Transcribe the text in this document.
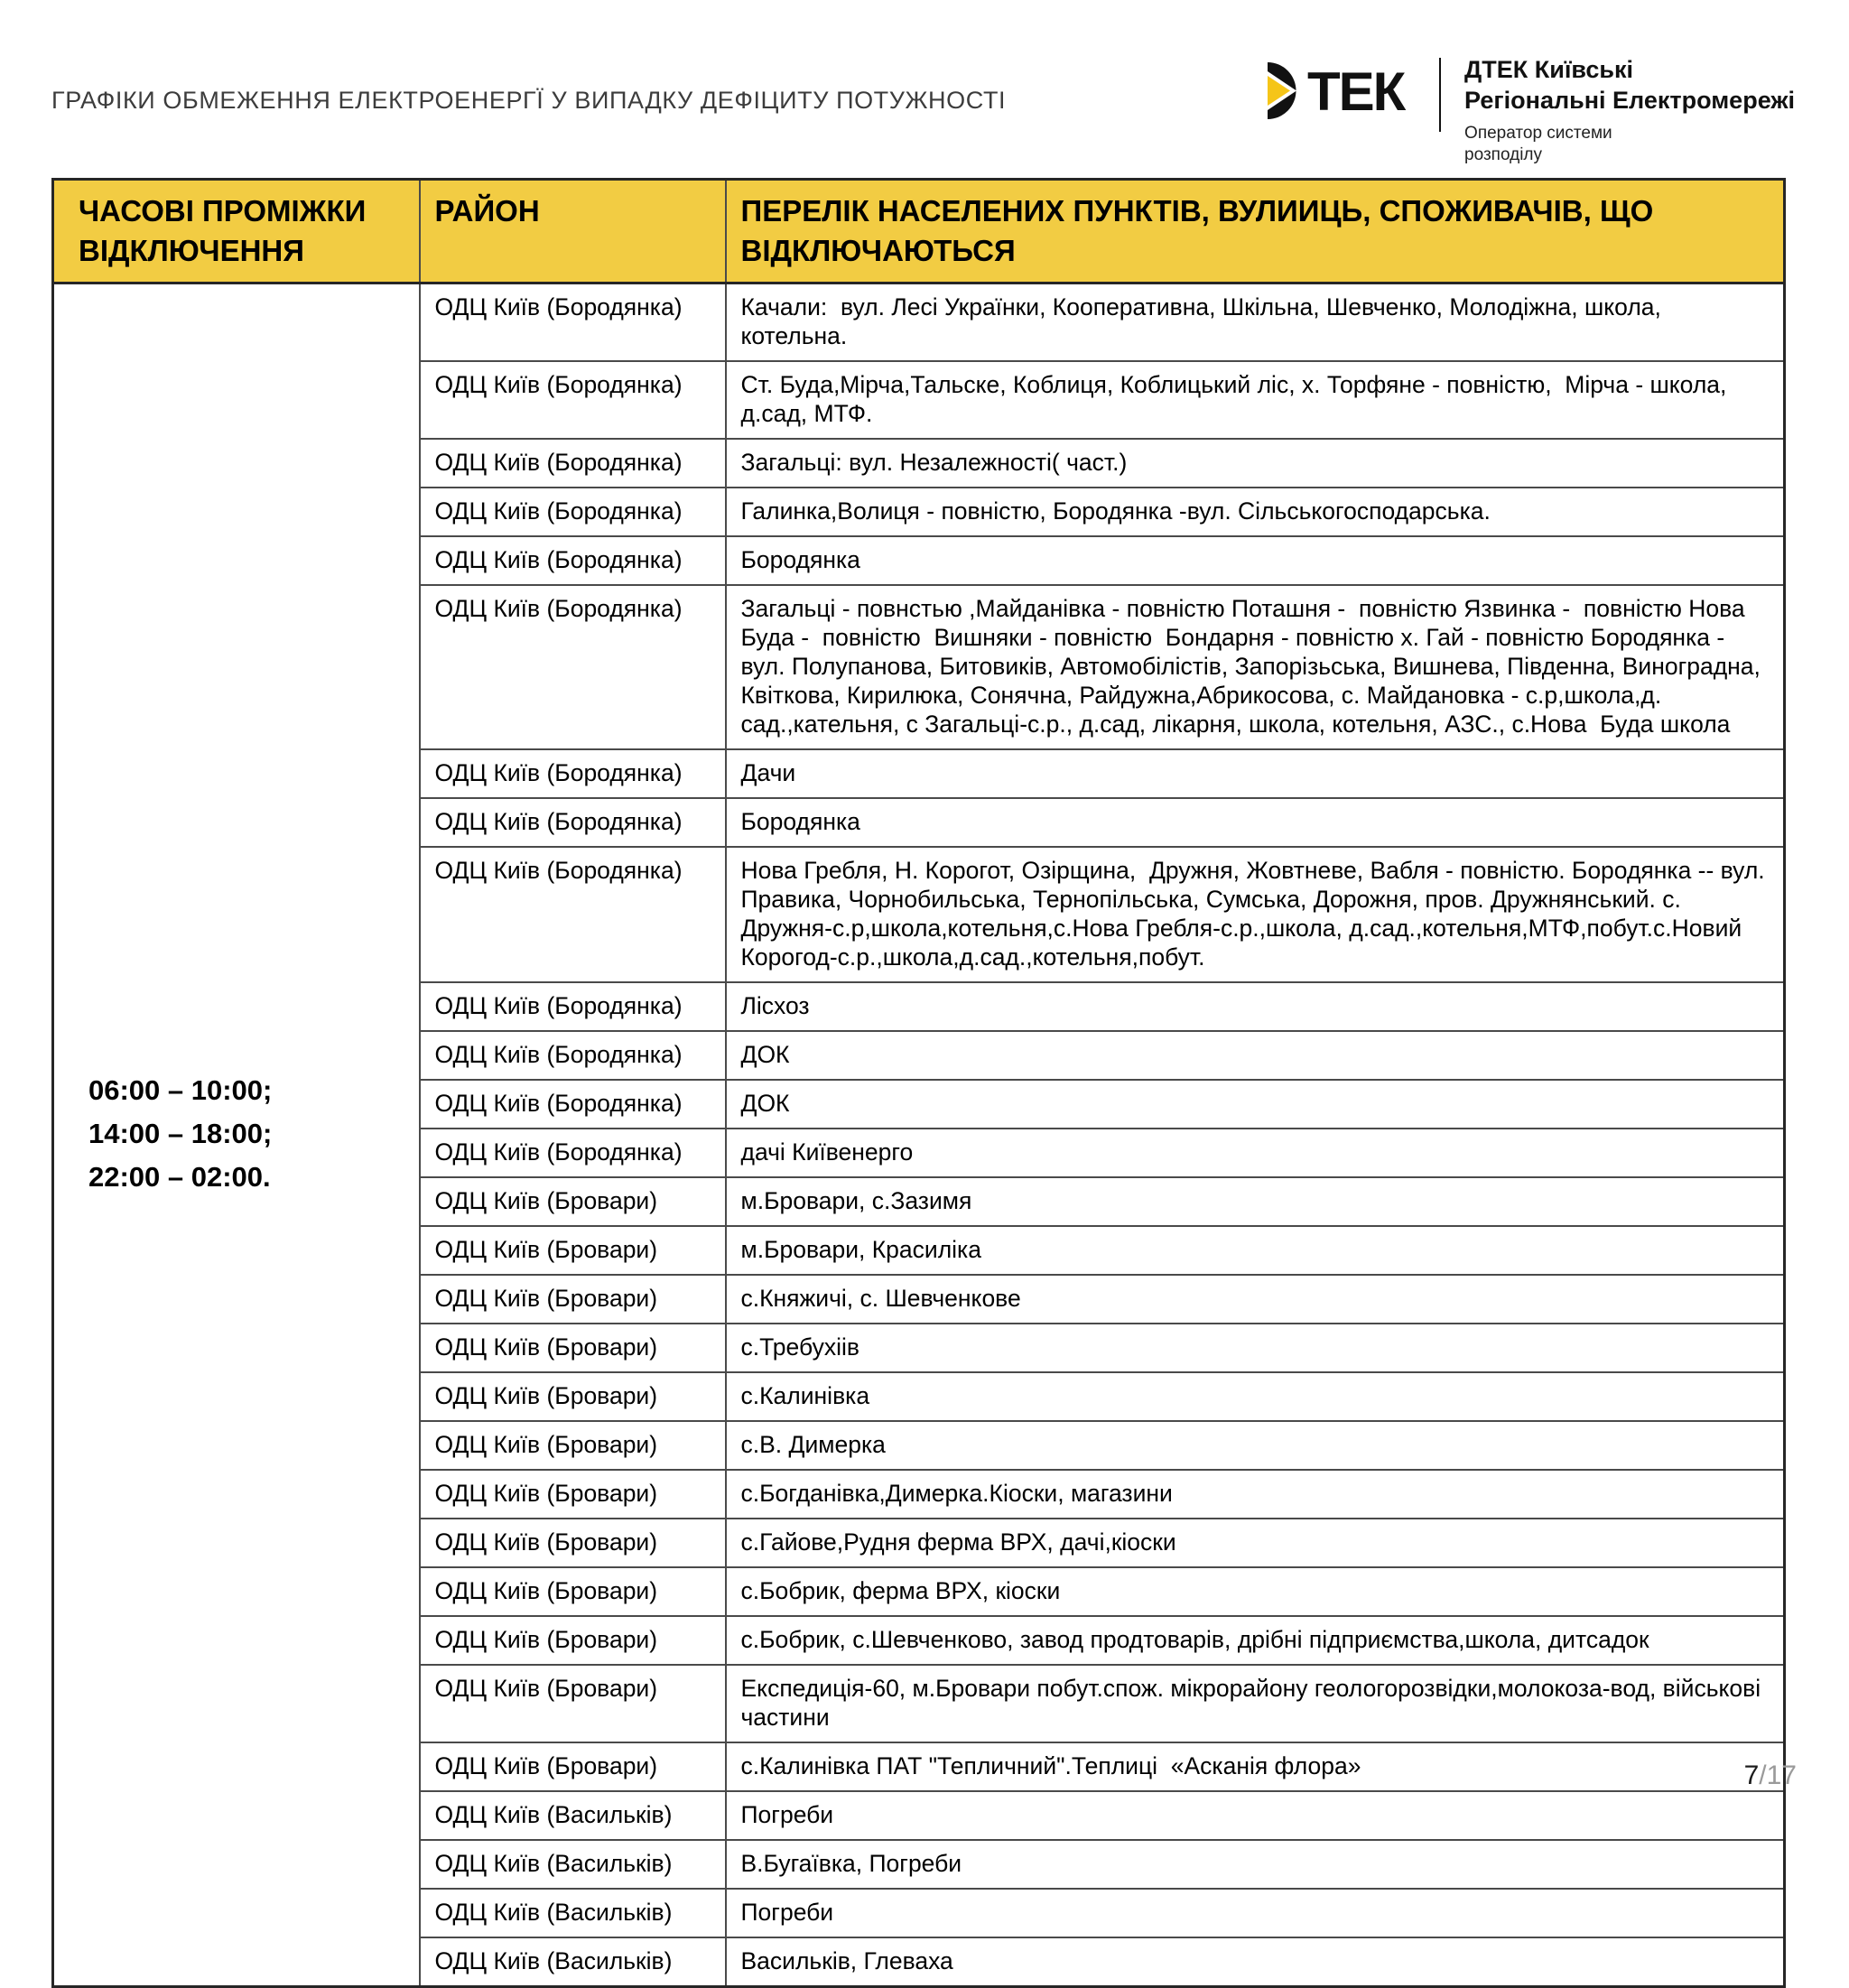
ГРАФІКИ ОБМЕЖЕННЯ ЕЛЕКТРОЕНЕРГЇ У ВИПАДКУ ДЕФІЦИТУ ПОТУЖНОСТІ	ТЕК ДТЕК Київські
Регіональні Електромережі
Оператор системи
розподілу
ЧАСОВІ ПРОМІЖКИ ВІДКЛЮЧЕННЯ	РАЙОН	ПЕРЕЛІК НАСЕЛЕНИХ ПУНКТІВ, ВУЛИИЦЬ, СПОЖИВАЧІВ, ЩО ВІДКЛЮЧАЮТЬСЯ

06:00 – 10:00;
14:00 – 18:00;
22:00 – 02:00.	ОДЦ Київ (Бородянка)	Качали:  вул. Лесі Українки, Кооперативна, Шкільна, Шевченко, Молодіжна, школа, котельна.
	ОДЦ Київ (Бородянка)	Ст. Буда,Мірча,Тальске, Коблиця, Коблицький ліс, х. Торфяне - повністю,  Мірча - школа, д.сад, МТФ.
	ОДЦ Київ (Бородянка)	Загальці: вул. Незалежності( част.)
	ОДЦ Київ (Бородянка)	Галинка,Волиця - повністю, Бородянка -вул. Сільськогосподарська.
	ОДЦ Київ (Бородянка)	Бородянка
	ОДЦ Київ (Бородянка)	Загальці - повнстью ,Майданівка - повністю Поташня -  повністю Язвинка -  повністю Нова Буда -  повністю  Вишняки - повністю  Бондарня - повністю х. Гай - повністю Бородянка - вул. Полупанова, Битовиків, Автомобілістів, Запорізьська, Вишнева, Південна, Виноградна, Квіткова, Кирилюка, Сонячна, Райдужна,Абрикосова, с. Майдановка - с.р,школа,д. сад.,кательня, с Загальці-с.р., д.сад, лікарня, школа, котельня, АЗС., с.Нова  Буда школа
	ОДЦ Київ (Бородянка)	Дачи
	ОДЦ Київ (Бородянка)	Бородянка
	ОДЦ Київ (Бородянка)	Нова Гребля, Н. Корогот, Озірщина,  Дружня, Жовтневе, Вабля - повністю. Бородянка -- вул. Правика, Чорнобильська, Тернопільська, Сумська, Дорожня, пров. Дружнянський. с. Дружня-с.р,школа,котельня,с.Нова Гребля-с.р.,школа, д.сад.,котельня,МТФ,побут.с.Новий Корогод-с.р.,школа,д.сад.,котельня,побут.
	ОДЦ Київ (Бородянка)	Лісхоз
	ОДЦ Київ (Бородянка)	ДОК
	ОДЦ Київ (Бородянка)	ДОК
	ОДЦ Київ (Бородянка)	дачі Київенерго
	ОДЦ Київ (Бровари)	м.Бровари, с.Зазимя
	ОДЦ Київ (Бровари)	м.Бровари, Красиліка
	ОДЦ Київ (Бровари)	с.Княжичі, с. Шевченкове
	ОДЦ Київ (Бровари)	с.Требухіів
	ОДЦ Київ (Бровари)	с.Калинівка
	ОДЦ Київ (Бровари)	с.В. Димерка
	ОДЦ Київ (Бровари)	с.Богданівка,Димерка.Кіоски, магазини
	ОДЦ Київ (Бровари)	с.Гайове,Рудня ферма ВРХ, дачі,кіоски
	ОДЦ Київ (Бровари)	с.Бобрик, ферма ВРХ, кіоски
	ОДЦ Київ (Бровари)	с.Бобрик, с.Шевченково, завод продтоварів, дрібні підприємства,школа, дитсадок
	ОДЦ Київ (Бровари)	Експедиція-60, м.Бровари побут.спож. мікрорайону геологорозвідки,молокоза-вод, військові частини
	ОДЦ Київ (Бровари)	с.Калинівка ПАТ "Тепличний".Теплиці  «Асканія флора»
	ОДЦ Київ (Васильків)	Погреби
	ОДЦ Київ (Васильків)	В.Бугаївка, Погреби
	ОДЦ Київ (Васильків)	Погреби
	ОДЦ Київ (Васильків)	Васильків, Глеваха
7/17
